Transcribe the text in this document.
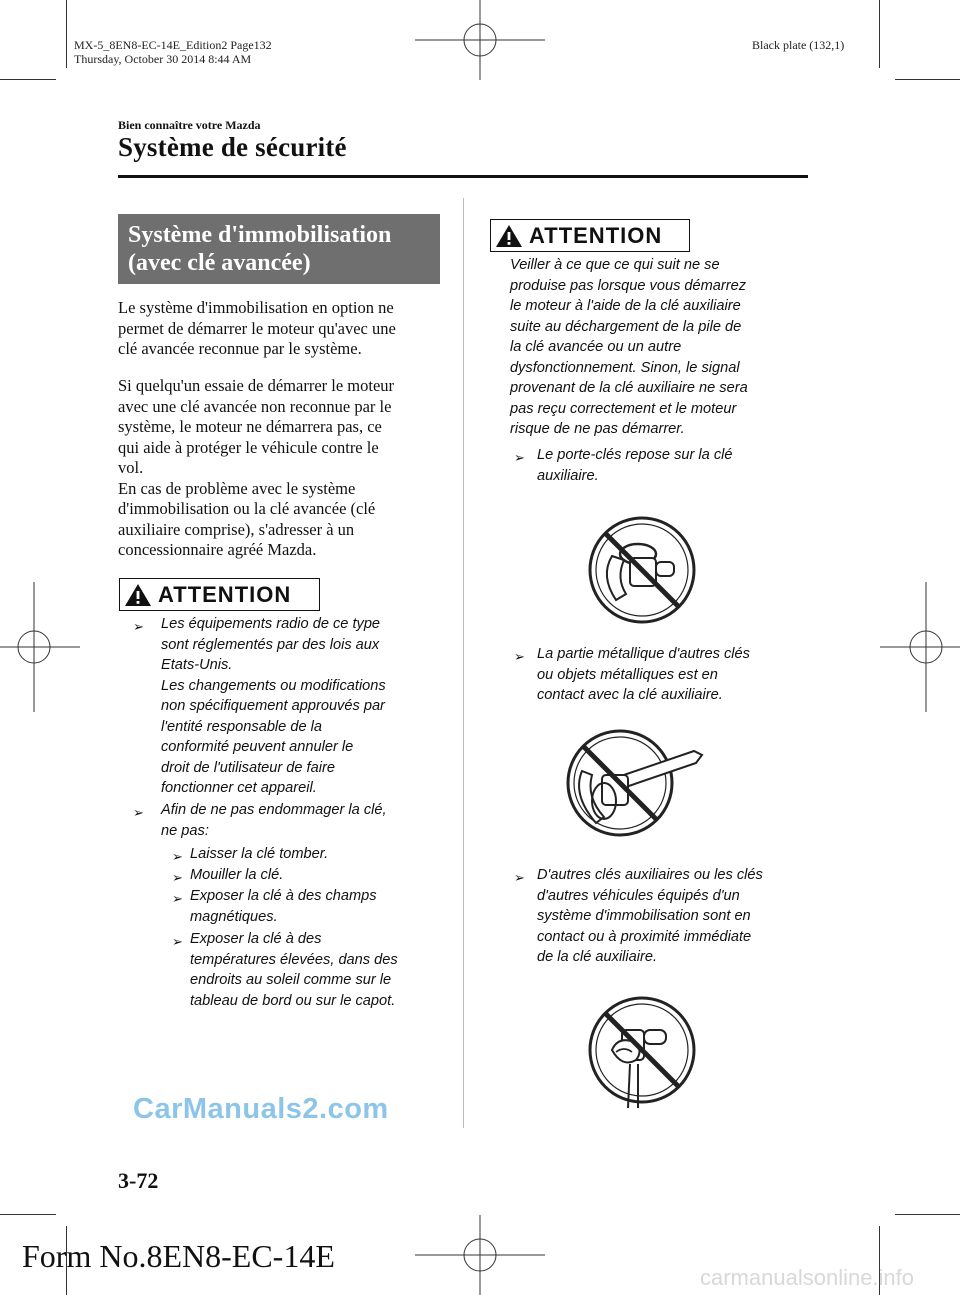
MX-5_8EN8-EC-14E_Edition2 Page132
Thursday, October 30 2014 8:44 AM
Black plate (132,1)
Bien connaître votre Mazda
Système de sécurité
Système d'immobilisation
(avec clé avancée)
Le système d'immobilisation en option ne
permet de démarrer le moteur qu'avec une
clé avancée reconnue par le système.
Si quelqu'un essaie de démarrer le moteur
avec une clé avancée non reconnue par le
système, le moteur ne démarrera pas, ce
qui aide à protéger le véhicule contre le
vol.
En cas de problème avec le système
d'immobilisation ou la clé avancée (clé
auxiliaire comprise), s'adresser à un
concessionnaire agréé Mazda.
ATTENTION
➢ Les équipements radio de ce type
sont réglementés par des lois aux
Etats-Unis.
Les changements ou modifications
non spécifiquement approuvés par
l'entité responsable de la
conformité peuvent annuler le
droit de l'utilisateur de faire
fonctionner cet appareil.
➢ Afin de ne pas endommager la clé,
ne pas:
➢ Laisser la clé tomber.
➢ Mouiller la clé.
➢ Exposer la clé à des champs
magnétiques.
➢ Exposer la clé à des
températures élevées, dans des
endroits au soleil comme sur le
tableau de bord ou sur le capot.
ATTENTION
Veiller à ce que ce qui suit ne se
produise pas lorsque vous démarrez
le moteur à l'aide de la clé auxiliaire
suite au déchargement de la pile de
la clé avancée ou un autre
dysfonctionnement. Sinon, le signal
provenant de la clé auxiliaire ne sera
pas reçu correctement et le moteur
risque de ne pas démarrer.
➢ Le porte-clés repose sur la clé
auxiliaire.
➢ La partie métallique d'autres clés
ou objets métalliques est en
contact avec la clé auxiliaire.
➢ D'autres clés auxiliaires ou les clés
d'autres véhicules équipés d'un
système d'immobilisation sont en
contact ou à proximité immédiate
de la clé auxiliaire.
3-72
Form No.8EN8-EC-14E
CarManuals2.com
carmanualsonline.info
